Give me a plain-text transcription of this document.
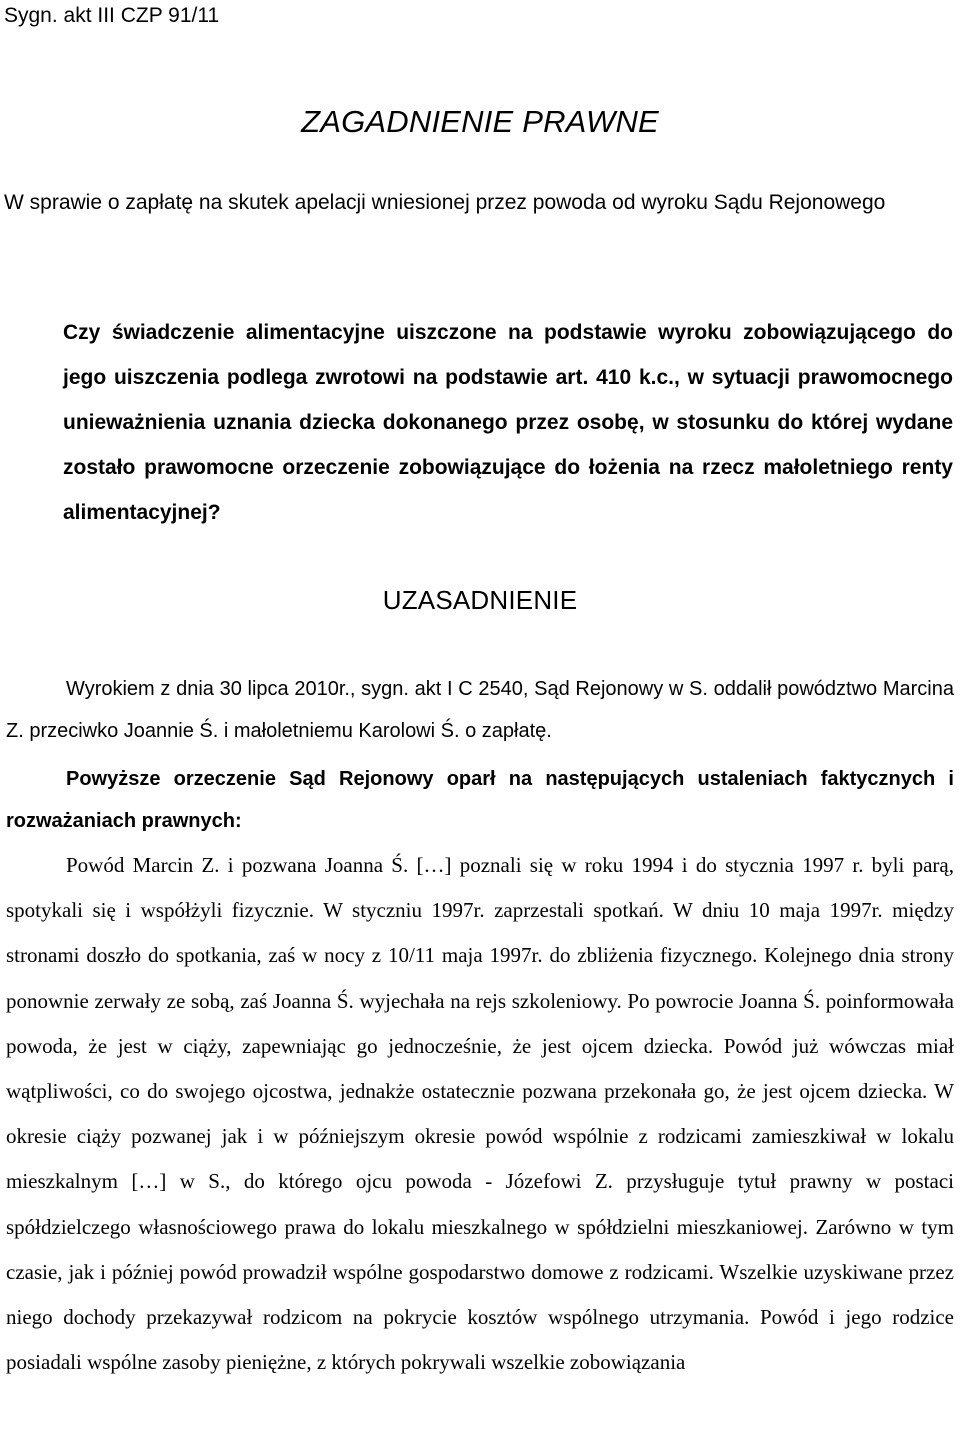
Sygn. akt III CZP 91/11
ZAGADNIENIE PRAWNE

W sprawie o zapłatę na skutek apelacji wniesionej przez powoda od wyroku Sądu Rejonowego

Czy świadczenie alimentacyjne uiszczone na podstawie wyroku zobowiązującego do jego uiszczenia podlega zwrotowi na podstawie art. 410 k.c., w sytuacji prawomocnego unieważnienia uznania dziecka dokonanego przez osobę, w stosunku do której wydane zostało prawomocne orzeczenie zobowiązujące do łożenia na rzecz małoletniego renty alimentacyjnej?

UZASADNIENIE

Wyrokiem z dnia 30 lipca 2010r., sygn. akt I C 2540, Sąd Rejonowy w S. oddalił powództwo Marcina Z. przeciwko Joannie Ś. i małoletniemu Karolowi Ś. o zapłatę.

Powyższe orzeczenie Sąd Rejonowy oparł na następujących ustaleniach faktycznych i rozważaniach prawnych:

Powód Marcin Z. i pozwana Joanna Ś. […] poznali się w roku 1994 i do stycznia 1997 r. byli parą, spotykali się i współżyli fizycznie. W styczniu 1997r. zaprzestali spotkań. W dniu 10 maja 1997r. między stronami doszło do spotkania, zaś w nocy z 10/11 maja 1997r. do zbliżenia fizycznego. Kolejnego dnia strony ponownie zerwały ze sobą, zaś Joanna Ś. wyjechała na rejs szkoleniowy. Po powrocie Joanna Ś. poinformowała powoda, że jest w ciąży, zapewniając go jednocześnie, że jest ojcem dziecka. Powód już wówczas miał wątpliwości, co do swojego ojcostwa, jednakże ostatecznie pozwana przekonała go, że jest ojcem dziecka. W okresie ciąży pozwanej jak i w późniejszym okresie powód wspólnie z rodzicami zamieszkiwał w lokalu mieszkalnym […] w S., do którego ojcu powoda - Józefowi Z. przysługuje tytuł prawny w postaci spółdzielczego własnościowego prawa do lokalu mieszkalnego w spółdzielni mieszkaniowej. Zarówno w tym czasie, jak i później powód prowadził wspólne gospodarstwo domowe z rodzicami. Wszelkie uzyskiwane przez niego dochody przekazywał rodzicom na pokrycie kosztów wspólnego utrzymania. Powód i jego rodzice posiadali wspólne zasoby pieniężne, z których pokrywali wszelkie zobowiązania
